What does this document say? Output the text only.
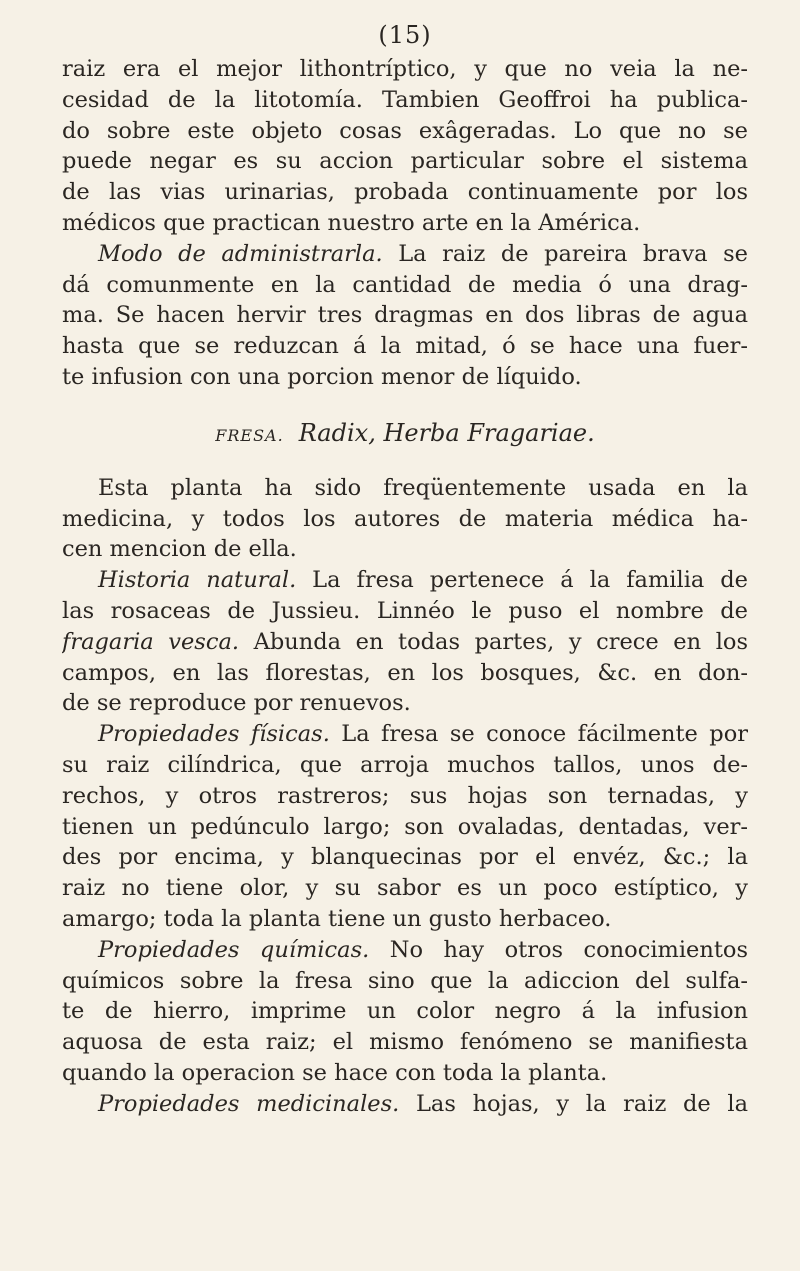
(15)
raiz era el mejor lithontríptico, y que no veia la ne-
cesidad de la litotomía. Tambien Geoffroi ha publica-
do sobre este objeto cosas exâgeradas. Lo que no se
puede negar es su accion particular sobre el sistema
de las vias urinarias, probada continuamente por los
médicos que practican nuestro arte en la América.
Modo de administrarla. La raiz de pareira brava se
dá comunmente en la cantidad de media ó una drag-
ma. Se hacen hervir tres dragmas en dos libras de agua
hasta que se reduzcan á la mitad, ó se hace una fuer-
te infusion con una porcion menor de líquido.
FRESA. Radix, Herba Fragariae.
Esta planta ha sido freqüentemente usada en la
medicina, y todos los autores de materia médica ha-
cen mencion de ella.
Historia natural. La fresa pertenece á la familia de
las rosaceas de Jussieu. Linnéo le puso el nombre de
fragaria vesca. Abunda en todas partes, y crece en los
campos, en las florestas, en los bosques, &c. en don-
de se reproduce por renuevos.
Propiedades físicas. La fresa se conoce fácilmente por
su raiz cilíndrica, que arroja muchos tallos, unos de-
rechos, y otros rastreros; sus hojas son ternadas, y
tienen un pedúnculo largo; son ovaladas, dentadas, ver-
des por encima, y blanquecinas por el envéz, &c.; la
raiz no tiene olor, y su sabor es un poco estíptico, y
amargo; toda la planta tiene un gusto herbaceo.
Propiedades químicas. No hay otros conocimientos
químicos sobre la fresa sino que la adiccion del sulfa-
te de hierro, imprime un color negro á la infusion
aquosa de esta raiz; el mismo fenómeno se manifiesta
quando la operacion se hace con toda la planta.
Propiedades medicinales. Las hojas, y la raiz de la
